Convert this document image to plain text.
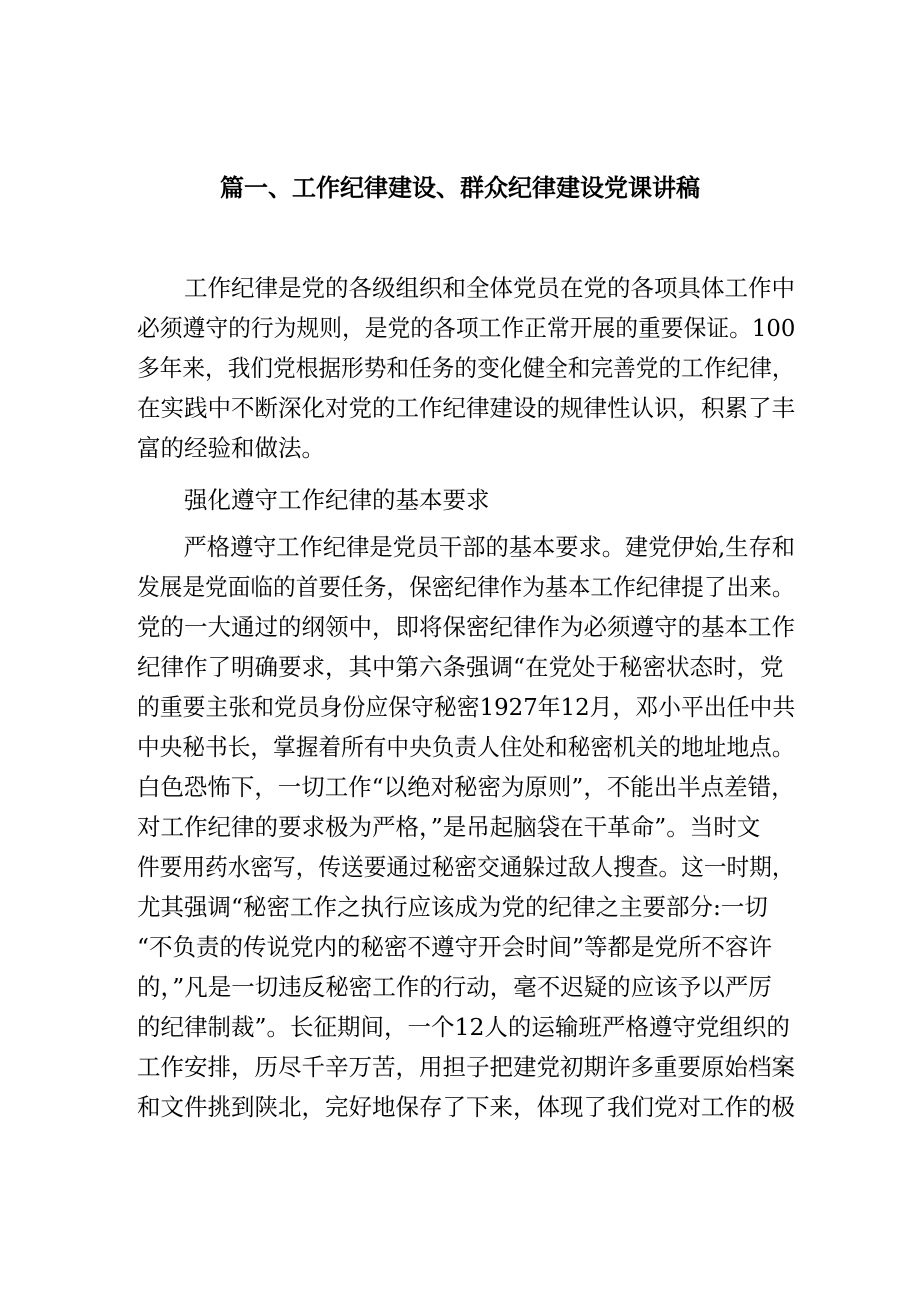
篇一、工作纪律建设、群众纪律建设党课讲稿
工作纪律是党的各级组织和全体党员在党的各项具体工作中
必须遵守的行为规则，是党的各项工作正常开展的重要保证。100
多年来，我们党根据形势和任务的变化健全和完善党的工作纪律，
在实践中不断深化对党的工作纪律建设的规律性认识，积累了丰
富的经验和做法。
强化遵守工作纪律的基本要求
严格遵守工作纪律是党员干部的基本要求。建党伊始,生存和
发展是党面临的首要任务，保密纪律作为基本工作纪律提了出来。
党的一大通过的纲领中，即将保密纪律作为必须遵守的基本工作
纪律作了明确要求，其中第六条强调“在党处于秘密状态时，党
的重要主张和党员身份应保守秘密1927年12月，邓小平出任中共
中央秘书长，掌握着所有中央负责人住处和秘密机关的地址地点。
白色恐怖下，一切工作“以绝对秘密为原则”，不能出半点差错，
对工作纪律的要求极为严格，”是吊起脑袋在干革命”。当时文
件要用药水密写，传送要通过秘密交通躲过敌人搜查。这一时期，
尤其强调“秘密工作之执行应该成为党的纪律之主要部分:一切
“不负责的传说党内的秘密不遵守开会时间”等都是党所不容许
的，”凡是一切违反秘密工作的行动，毫不迟疑的应该予以严厉
的纪律制裁”。长征期间，一个12人的运输班严格遵守党组织的
工作安排，历尽千辛万苦，用担子把建党初期许多重要原始档案
和文件挑到陕北，完好地保存了下来，体现了我们党对工作的极
